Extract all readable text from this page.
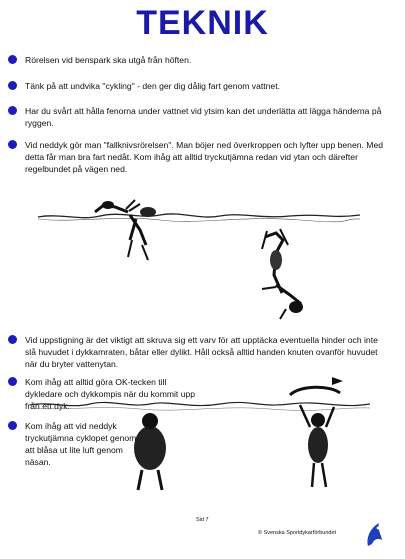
TEKNIK
Rörelsen vid benspark ska utgå från höften.
Tänk på att undvika "cykling" - den ger dig dålig fart genom vattnet.
Har du svårt att hålla fenorna under vattnet vid ytsim kan det underlätta att lägga händerna på ryggen.
Vid neddyk gör man "fallknivsrörelsen". Man böjer ned överkroppen och lyfter upp benen. Med detta får man bra fart nedåt. Kom ihåg att alltid tryckutjämna redan vid ytan och därefter regelbundet på vägen ned.
Vid uppstigning är det viktigt att skruva sig ett varv för att upptäcka eventuella hinder och inte slå huvudet i dykkamraten, båtar eller dylikt. Håll också alltid handen knuten ovanför huvudet när du bryter vattenytan.
Kom ihåg att alltid göra OK-tecken till dykledare och dykkompis när du kommit upp från ett dyk.
Kom ihåg att vid neddyk tryckutjämna cyklopet genom att blåsa ut lite luft genom näsan.
Sid 7
© Svenska Sportdykarförbundet
